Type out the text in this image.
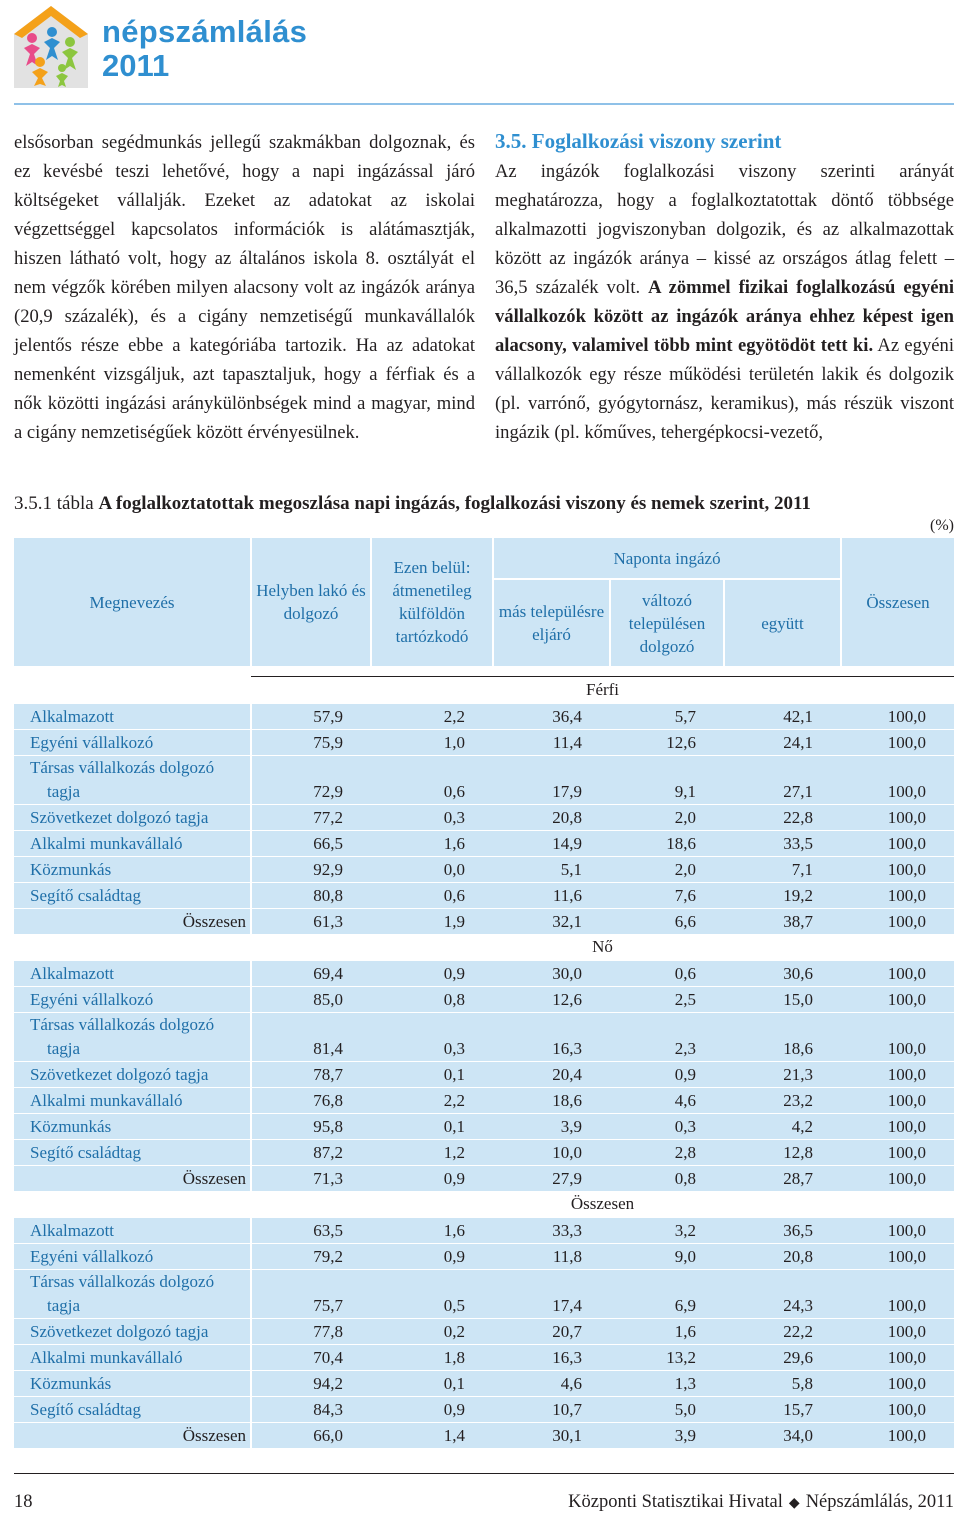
népszámlálás
2011

elsősorban segédmunkás jellegű szakmákban dolgoznak, és ez kevésbé teszi lehetővé, hogy a napi ingázással járó költségeket vállalják. Ezeket az adatokat az iskolai végzettséggel kapcsolatos információk is alátámasztják, hiszen látható volt, hogy az általános iskola 8. osztályát el nem végzők körében milyen alacsony volt az ingázók aránya (20,9 százalék), és a cigány nemzetiségű munkavállalók jelentős része ebbe a kategóriába tartozik. Ha az adatokat nemenként vizsgáljuk, azt tapasztaljuk, hogy a férfiak és a nők közötti ingázási aránykülönbségek mind a magyar, mind a cigány nemzetiségűek között érvényesülnek.

3.5. Foglalkozási viszony szerint

Az ingázók foglalkozási viszony szerinti arányát meghatározza, hogy a foglalkoztatottak döntő többsége alkalmazotti jogviszonyban dolgozik, és az alkalmazottak között az ingázók aránya – kissé az országos átlag felett – 36,5 százalék volt. A zömmel fizikai foglalkozású egyéni vállalkozók között az ingázók aránya ehhez képest igen alacsony, valamivel több mint egyötödöt tett ki. Az egyéni vállalkozók egy része működési területén lakik és dolgozik (pl. varrónő, gyógytornász, keramikus), más részük viszont ingázik (pl. kőműves, tehergépkocsi-vezető,

3.5.1 tábla A foglalkoztatottak megoszlása napi ingázás, foglalkozási viszony és nemek szerint, 2011
(%)
Megnevezés	Helyben lakó és dolgozó	Ezen belül: átmenetileg külföldön tartózkodó	Naponta ingázó			Összesen
			más településre eljáró	változó településen dolgozó	együtt	

	Férfi					
Alkalmazott	57,9	2,2	36,4	5,7	42,1	100,0
Egyéni vállalkozó	75,9	1,0	11,4	12,6	24,1	100,0
Társas vállalkozás dolgozó
tagja	72,9	0,6	17,9	9,1	27,1	100,0
Szövetkezet dolgozó tagja	77,2	0,3	20,8	2,0	22,8	100,0
Alkalmi munkavállaló	66,5	1,6	14,9	18,6	33,5	100,0
Közmunkás	92,9	0,0	5,1	2,0	7,1	100,0
Segítő családtag	80,8	0,6	11,6	7,6	19,2	100,0
Összesen	61,3	1,9	32,1	6,6	38,7	100,0
	Nő					
Alkalmazott	69,4	0,9	30,0	0,6	30,6	100,0
Egyéni vállalkozó	85,0	0,8	12,6	2,5	15,0	100,0
Társas vállalkozás dolgozó
tagja	81,4	0,3	16,3	2,3	18,6	100,0
Szövetkezet dolgozó tagja	78,7	0,1	20,4	0,9	21,3	100,0
Alkalmi munkavállaló	76,8	2,2	18,6	4,6	23,2	100,0
Közmunkás	95,8	0,1	3,9	0,3	4,2	100,0
Segítő családtag	87,2	1,2	10,0	2,8	12,8	100,0
Összesen	71,3	0,9	27,9	0,8	28,7	100,0
	Összesen					
Alkalmazott	63,5	1,6	33,3	3,2	36,5	100,0
Egyéni vállalkozó	79,2	0,9	11,8	9,0	20,8	100,0
Társas vállalkozás dolgozó
tagja	75,7	0,5	17,4	6,9	24,3	100,0
Szövetkezet dolgozó tagja	77,8	0,2	20,7	1,6	22,2	100,0
Alkalmi munkavállaló	70,4	1,8	16,3	13,2	29,6	100,0
Közmunkás	94,2	0,1	4,6	1,3	5,8	100,0
Segítő családtag	84,3	0,9	10,7	5,0	15,7	100,0
Összesen	66,0	1,4	30,1	3,9	34,0	100,0
18	Központi Statisztikai Hivatal ◆ Népszámlálás, 2011
